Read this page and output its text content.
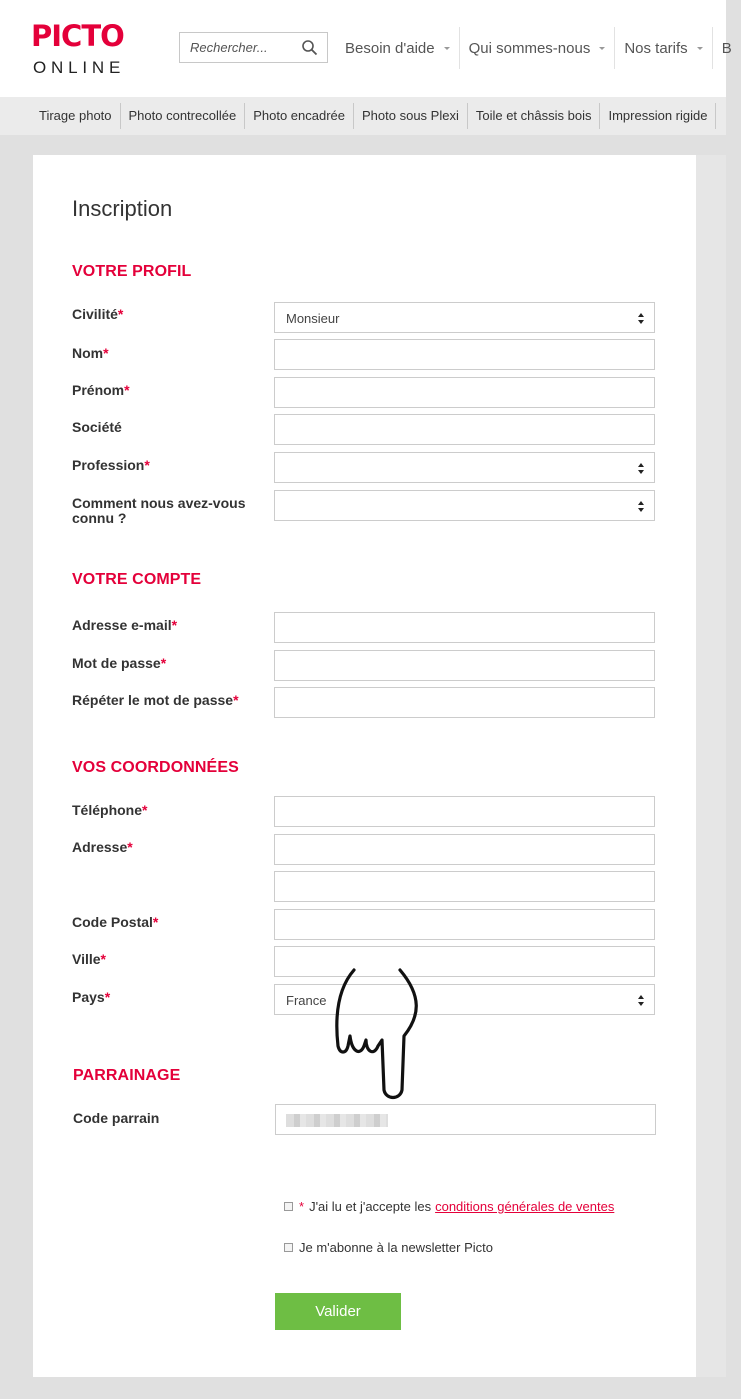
PICTO
ONLINE
Rechercher...
Besoin d'aide Qui sommes-nous Nos tarifs B
Tirage photo	Photo contrecollée	Photo encadrée	Photo sous Plexi	Toile et châssis bois	Impression rigide
Inscription
VOTRE PROFIL
Civilité*	Monsieur
Nom*
Prénom*
Société
Profession*
Comment nous avez-vous connu ?
VOTRE COMPTE
Adresse e-mail*
Mot de passe*
Répéter le mot de passe*
VOS COORDONNÉES
Téléphone*
Adresse*
Code Postal*
Ville*
Pays*	France
PARRAINAGE
Code parrain
* J'ai lu et j'accepte les conditions générales de ventes
Je m'abonne à la newsletter Picto
Valider
